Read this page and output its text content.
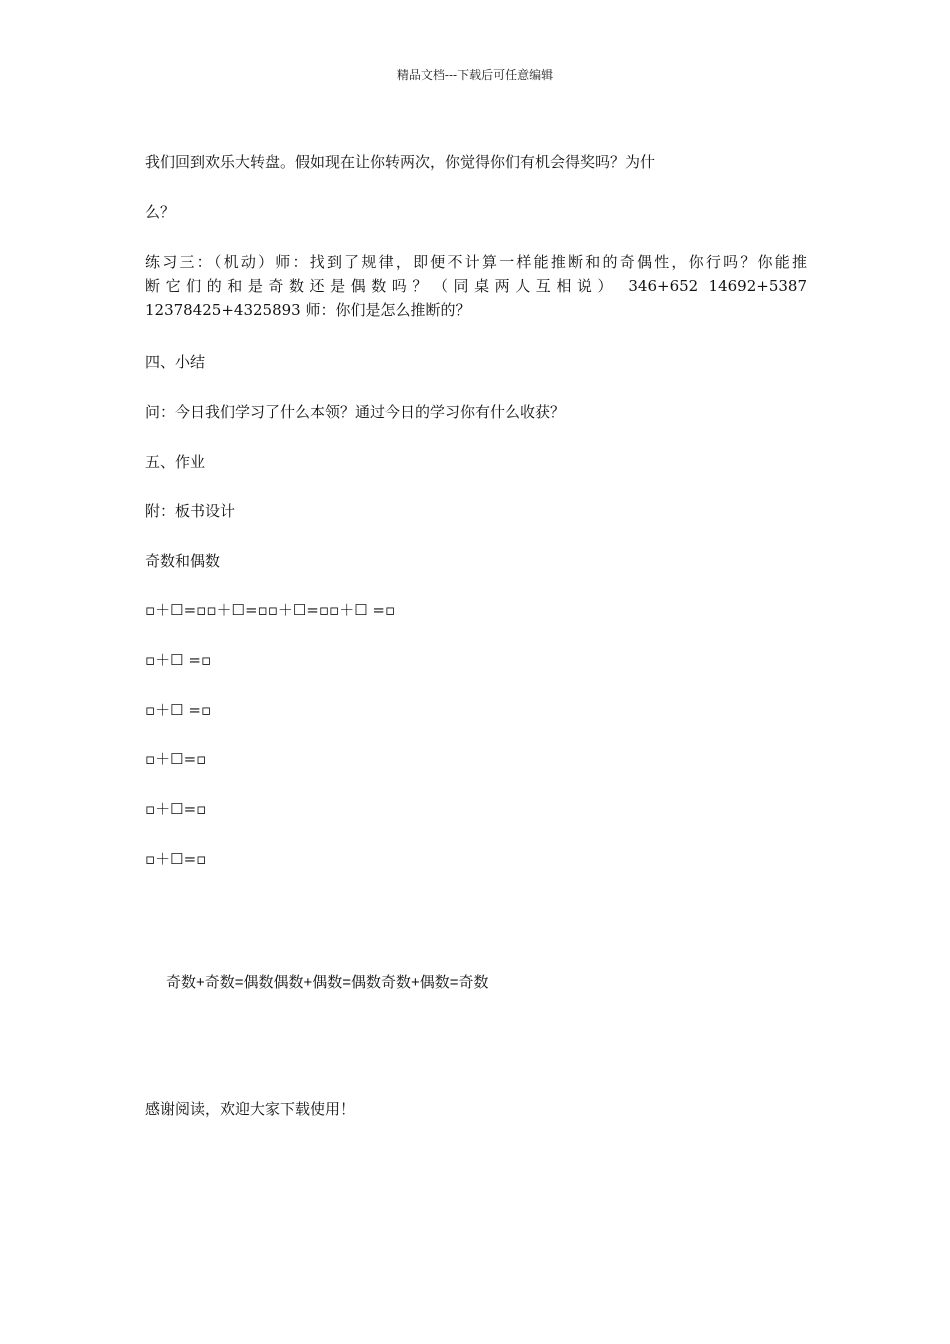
精品文档---下载后可任意编辑
我们回到欢乐大转盘。假如现在让你转两次，你觉得你们有机会得奖吗？为什
么？
练习三：（机动）师：找到了规律，即便不计算一样能推断和的奇偶性，你行吗？你能推
断它们的和是奇数还是偶数吗？（同桌两人互相说） 346+652 14692+5387
12378425+4325893 师：你们是怎么推断的？
四、小结
问：今日我们学习了什么本领？通过今日的学习你有什么收获？
五、作业
附：板书设计
奇数和偶数
▫＋☐=▫▫＋☐=▫▫＋☐=▫▫＋☐ =▫
▫＋☐ =▫
▫＋☐ =▫
▫＋☐=▫
▫＋☐=▫
▫＋☐=▫
奇数+奇数=偶数偶数+偶数=偶数奇数+偶数=奇数
感谢阅读，欢迎大家下载使用！
